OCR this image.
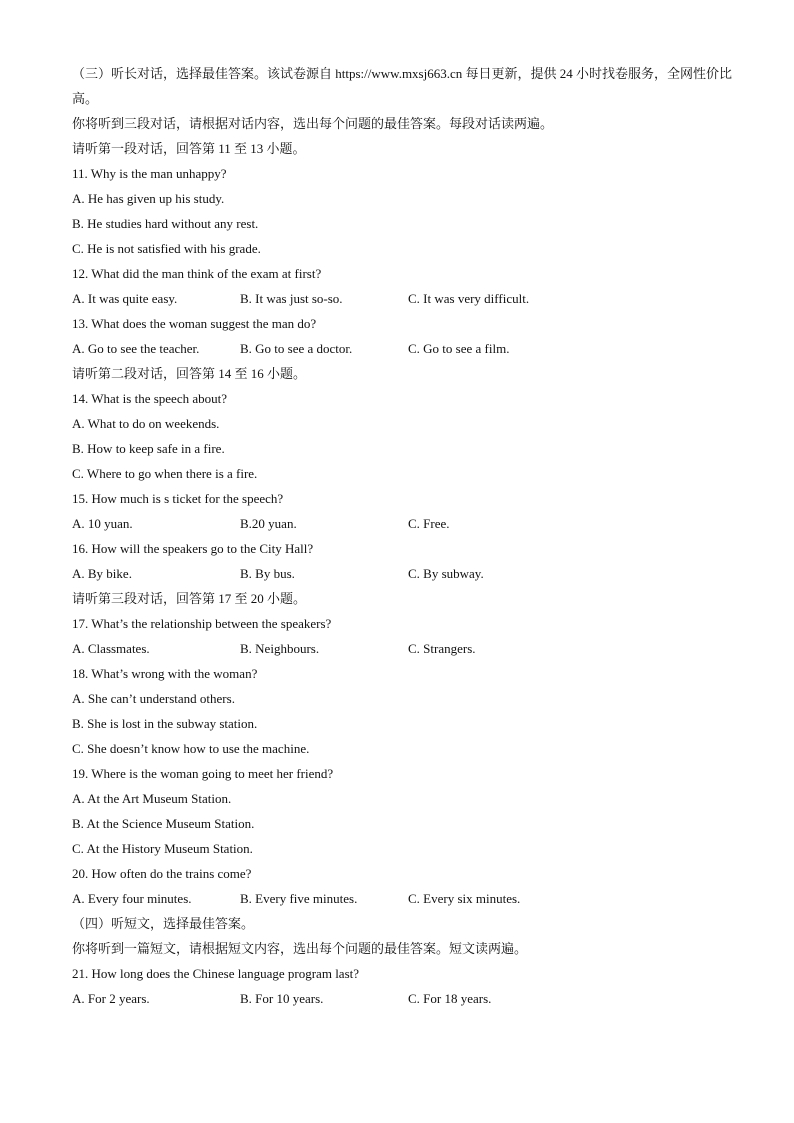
（三）听长对话，选择最佳答案。该试卷源自 https://www.mxsj663.cn 每日更新，提供 24 小时找卷服务，全网性价比高。
你将听到三段对话，请根据对话内容，选出每个问题的最佳答案。每段对话读两遍。
请听第一段对话，回答第 11 至 13 小题。
11. Why is the man unhappy?
A. He has given up his study.
B. He studies hard without any rest.
C. He is not satisfied with his grade.
12. What did the man think of the exam at first?
A. It was quite easy.	B. It was just so-so.	C. It was very difficult.
13. What does the woman suggest the man do?
A. Go to see the teacher.	B. Go to see a doctor.	C. Go to see a film.
请听第二段对话，回答第 14 至 16 小题。
14. What is the speech about?
A. What to do on weekends.
B. How to keep safe in a fire.
C. Where to go when there is a fire.
15. How much is s ticket for the speech?
A. 10 yuan.	B.20 yuan.	C. Free.
16. How will the speakers go to the City Hall?
A. By bike.	B. By bus.	C. By subway.
请听第三段对话，回答第 17 至 20 小题。
17. What’s the relationship between the speakers?
A. Classmates.	B. Neighbours.	C. Strangers.
18. What’s wrong with the woman?
A. She can’t understand others.
B. She is lost in the subway station.
C. She doesn’t know how to use the machine.
19. Where is the woman going to meet her friend?
A. At the Art Museum Station.
B. At the Science Museum Station.
C. At the History Museum Station.
20. How often do the trains come?
A. Every four minutes.	B. Every five minutes.	C. Every six minutes.
（四）听短文，选择最佳答案。
你将听到一篇短文，请根据短文内容，选出每个问题的最佳答案。短文读两遍。
21. How long does the Chinese language program last?
A. For 2 years.	B. For 10 years.	C. For 18 years.
